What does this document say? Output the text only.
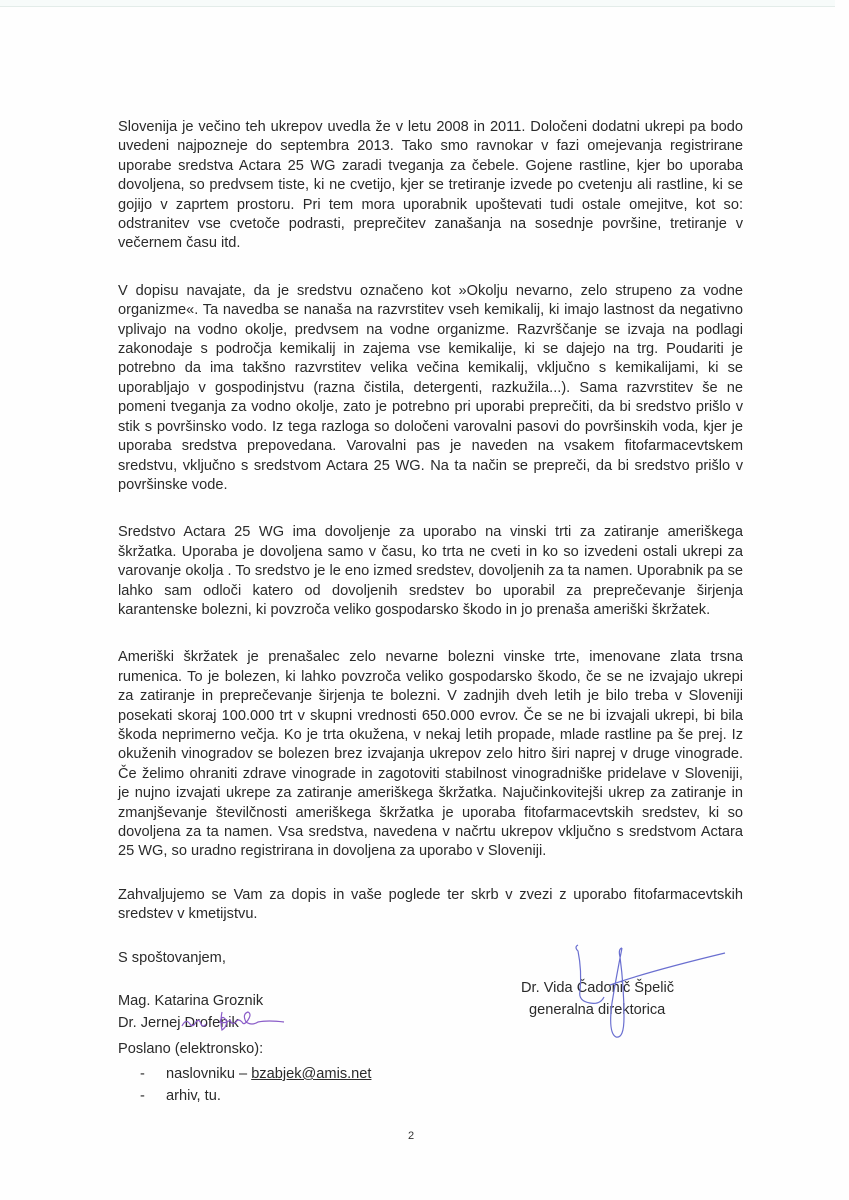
Slovenija je večino teh ukrepov uvedla že v letu 2008 in 2011. Določeni dodatni ukrepi pa bodo uvedeni najpozneje do septembra 2013. Tako smo ravnokar v fazi omejevanja registrirane uporabe sredstva Actara 25 WG zaradi tveganja za čebele. Gojene rastline, kjer bo uporaba dovoljena, so predvsem tiste, ki ne cvetijo, kjer se tretiranje izvede po cvetenju ali rastline, ki se gojijo v zaprtem prostoru. Pri tem mora uporabnik upoštevati tudi ostale omejitve, kot so: odstranitev vse cvetoče podrasti, preprečitev zanašanja na sosednje površine, tretiranje v večernem času itd.

V dopisu navajate, da je sredstvu označeno kot »Okolju nevarno, zelo strupeno za vodne organizme«. Ta navedba se nanaša na razvrstitev vseh kemikalij, ki imajo lastnost da negativno vplivajo na vodno okolje, predvsem na vodne organizme. Razvrščanje se izvaja na podlagi zakonodaje s področja kemikalij in zajema vse kemikalije, ki se dajejo na trg. Poudariti je potrebno da ima takšno razvrstitev velika večina kemikalij, vključno s kemikalijami, ki se uporabljajo v gospodinjstvu (razna čistila, detergenti, razkužila...). Sama razvrstitev še ne pomeni tveganja za vodno okolje, zato je potrebno pri uporabi preprečiti, da bi sredstvo prišlo v stik s površinsko vodo. Iz tega razloga so določeni varovalni pasovi do površinskih voda, kjer je uporaba sredstva prepovedana. Varovalni pas je naveden na vsakem fitofarmacevtskem sredstvu, vključno s sredstvom Actara 25 WG. Na ta način se prepreči, da bi sredstvo prišlo v površinske vode.

Sredstvo Actara 25 WG ima dovoljenje za uporabo na vinski trti za zatiranje ameriškega škržatka. Uporaba je dovoljena samo v času, ko trta ne cveti in ko so izvedeni ostali ukrepi za varovanje okolja . To sredstvo je le eno izmed sredstev, dovoljenih za ta namen. Uporabnik pa se lahko sam odloči katero od dovoljenih sredstev bo uporabil za preprečevanje širjenja karantenske bolezni, ki povzroča veliko gospodarsko škodo in jo prenaša ameriški škržatek.

Ameriški škržatek je prenašalec zelo nevarne bolezni vinske trte, imenovane zlata trsna rumenica. To je bolezen, ki lahko povzroča veliko gospodarsko škodo, če se ne izvajajo ukrepi za zatiranje in preprečevanje širjenja te bolezni. V zadnjih dveh letih je bilo treba v Sloveniji posekati skoraj 100.000 trt v skupni vrednosti 650.000 evrov. Če se ne bi izvajali ukrepi, bi bila škoda neprimerno večja. Ko je trta okužena, v nekaj letih propade, mlade rastline pa še prej. Iz okuženih vinogradov se bolezen brez izvajanja ukrepov zelo hitro širi naprej v druge vinograde. Če želimo ohraniti zdrave vinograde in zagotoviti stabilnost vinogradniške pridelave v Sloveniji, je nujno izvajati ukrepe za zatiranje ameriškega škržatka. Najučinkovitejši ukrep za zatiranje in zmanjševanje številčnosti ameriškega škržatka je uporaba fitofarmacevtskih sredstev, ki so dovoljena za ta namen. Vsa sredstva, navedena v načrtu ukrepov vključno s sredstvom Actara 25 WG, so uradno registrirana in dovoljena za uporabo v Sloveniji.

Zahvaljujemo se Vam za dopis in vaše poglede ter skrb v zvezi z uporabo fitofarmacevtskih sredstev v kmetijstvu.

S spoštovanjem,

Mag. Katarina Groznik
Dr. Jernej Drofenik
Dr. Vida Čadonič Špelič
generalna direktorica
Poslano (elektronsko):
- naslovniku – bzabjek@amis.net
- arhiv, tu.
2
